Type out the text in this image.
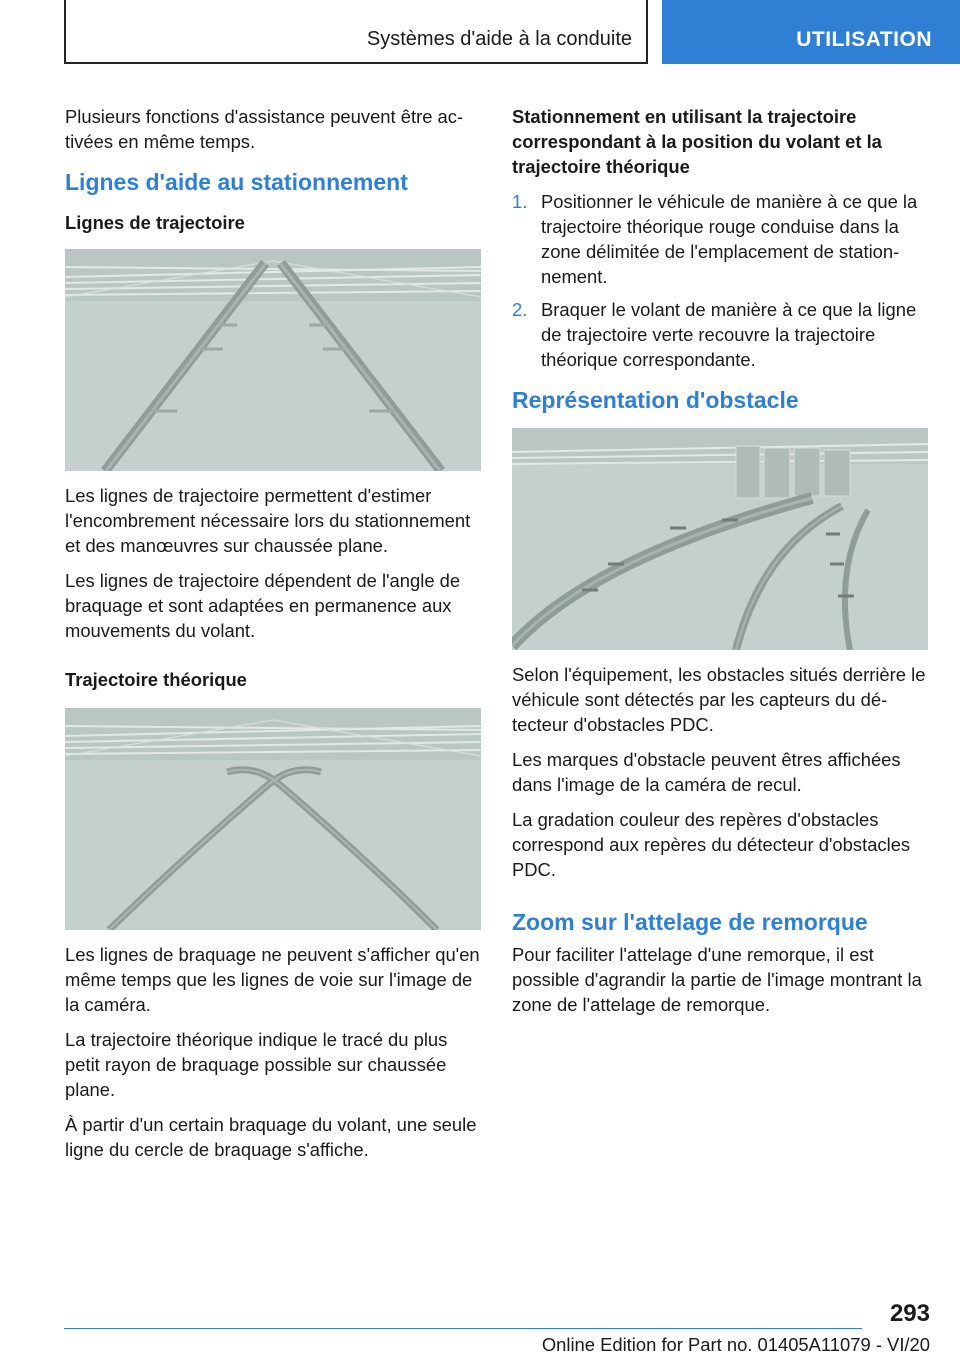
Systèmes d'aide à la conduite	UTILISATION

Plusieurs fonctions d'assistance peuvent être activées en même temps.

Lignes d'aide au stationnement
Lignes de trajectoire

Les lignes de trajectoire permettent d'estimer l'encombrement nécessaire lors du stationnement et des manœuvres sur chaussée plane.

Les lignes de trajectoire dépendent de l'angle de braquage et sont adaptées en permanence aux mouvements du volant.

Trajectoire théorique

Les lignes de braquage ne peuvent s'afficher qu'en même temps que les lignes de voie sur l'image de la caméra.

La trajectoire théorique indique le tracé du plus petit rayon de braquage possible sur chaussée plane.

À partir d'un certain braquage du volant, une seule ligne du cercle de braquage s'affiche.

Stationnement en utilisant la trajectoire correspondant à la position du volant et la trajectoire théorique
1. Positionner le véhicule de manière à ce que la trajectoire théorique rouge conduise dans la zone délimitée de l'emplacement de stationnement.
2. Braquer le volant de manière à ce que la ligne de trajectoire verte recouvre la trajectoire théorique correspondante.
Représentation d'obstacle

Selon l'équipement, les obstacles situés derrière le véhicule sont détectés par les capteurs du détecteur d'obstacles PDC.

Les marques d'obstacle peuvent êtres affichées dans l'image de la caméra de recul.

La gradation couleur des repères d'obstacles correspond aux repères du détecteur d'obstacles PDC.

Zoom sur l'attelage de remorque

Pour faciliter l'attelage d'une remorque, il est possible d'agrandir la partie de l'image montrant la zone de l'attelage de remorque.

293
Online Edition for Part no. 01405A11079 - VI/20
